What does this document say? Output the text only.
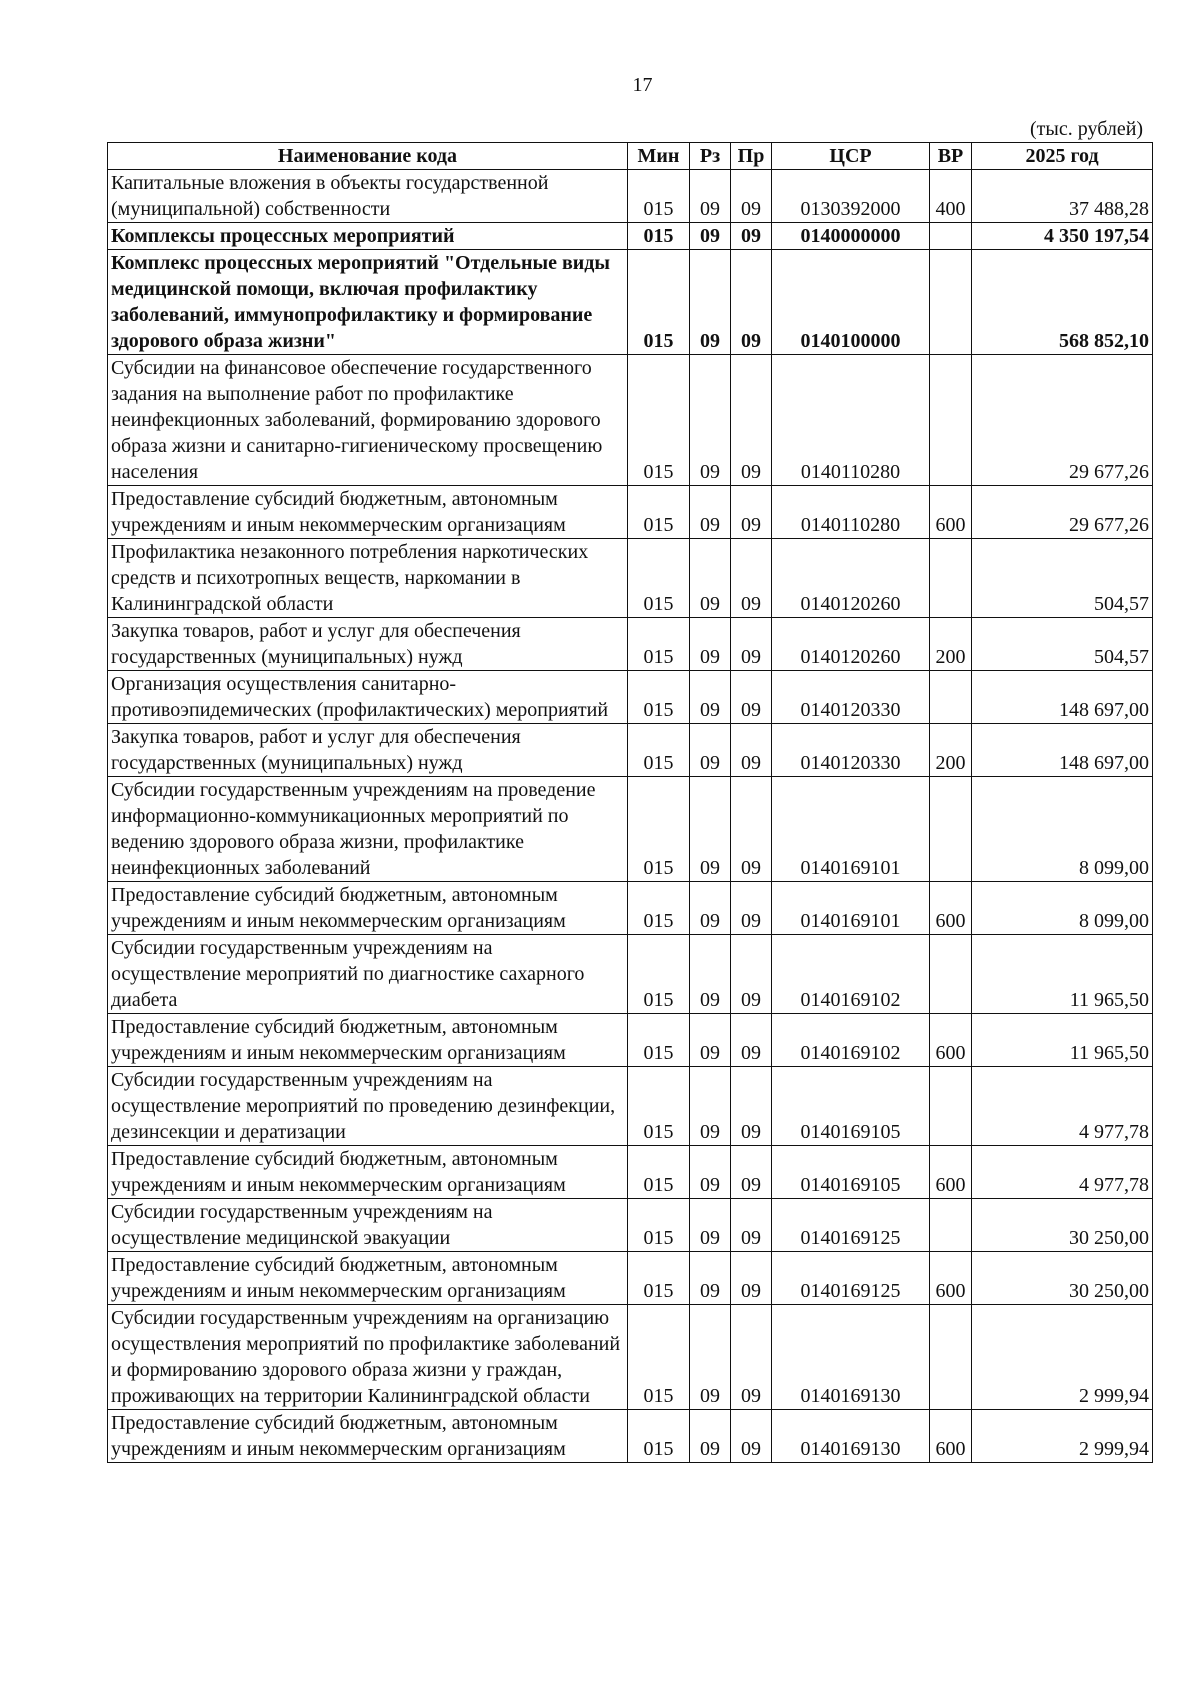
17
(тыс. рублей)
Наименование кода	Мин	Рз	Пр	ЦСР	ВР	2025 год
Капитальные вложения в объекты государственной (муниципальной) собственности	015	09	09	0130392000	400	37 488,28
Комплексы процессных мероприятий	015	09	09	0140000000		4 350 197,54
Комплекс процессных мероприятий "Отдельные виды медицинской помощи, включая профилактику заболеваний, иммунопрофилактику и формирование здорового образа жизни"	015	09	09	0140100000		568 852,10
Субсидии на финансовое обеспечение государственного задания на выполнение работ по профилактике неинфекционных заболеваний, формированию здорового образа жизни и санитарно-гигиеническому просвещению населения	015	09	09	0140110280		29 677,26
Предоставление субсидий бюджетным, автономным учреждениям и иным некоммерческим организациям	015	09	09	0140110280	600	29 677,26
Профилактика незаконного потребления наркотических средств и психотропных веществ, наркомании в Калининградской области	015	09	09	0140120260		504,57
Закупка товаров, работ и услуг для обеспечения государственных (муниципальных) нужд	015	09	09	0140120260	200	504,57
Организация осуществления санитарно-противоэпидемических (профилактических) мероприятий	015	09	09	0140120330		148 697,00
Закупка товаров, работ и услуг для обеспечения государственных (муниципальных) нужд	015	09	09	0140120330	200	148 697,00
Субсидии государственным учреждениям на проведение информационно-коммуникационных мероприятий по ведению здорового образа жизни, профилактике неинфекционных заболеваний	015	09	09	0140169101		8 099,00
Предоставление субсидий бюджетным, автономным учреждениям и иным некоммерческим организациям	015	09	09	0140169101	600	8 099,00
Субсидии государственным учреждениям на осуществление мероприятий по диагностике сахарного диабета	015	09	09	0140169102		11 965,50
Предоставление субсидий бюджетным, автономным учреждениям и иным некоммерческим организациям	015	09	09	0140169102	600	11 965,50
Субсидии государственным учреждениям на осуществление мероприятий по проведению дезинфекции, дезинсекции и дератизации	015	09	09	0140169105		4 977,78
Предоставление субсидий бюджетным, автономным учреждениям и иным некоммерческим организациям	015	09	09	0140169105	600	4 977,78
Субсидии государственным учреждениям на осуществление медицинской эвакуации	015	09	09	0140169125		30 250,00
Предоставление субсидий бюджетным, автономным учреждениям и иным некоммерческим организациям	015	09	09	0140169125	600	30 250,00
Субсидии государственным учреждениям на организацию осуществления мероприятий по профилактике заболеваний и формированию здорового образа жизни у граждан, проживающих на территории Калининградской области	015	09	09	0140169130		2 999,94
Предоставление субсидий бюджетным, автономным учреждениям и иным некоммерческим организациям	015	09	09	0140169130	600	2 999,94
